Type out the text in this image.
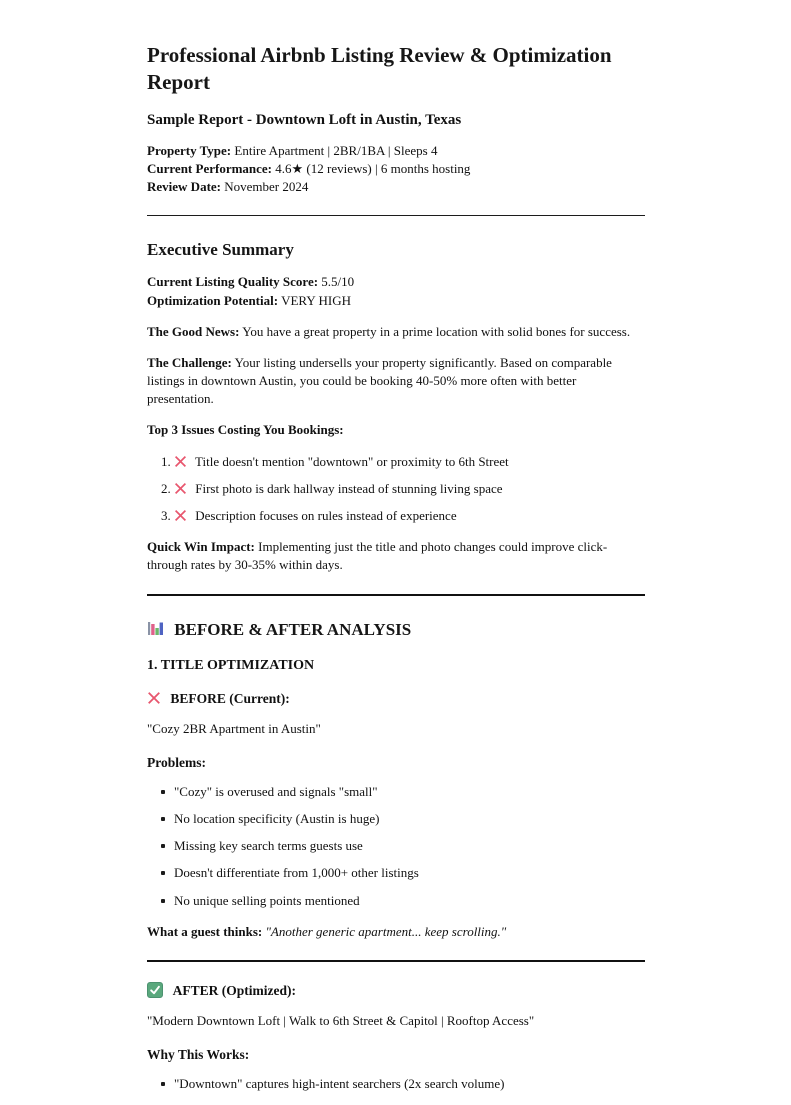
Professional Airbnb Listing Review & Optimization Report
Sample Report - Downtown Loft in Austin, Texas

Property Type: Entire Apartment | 2BR/1BA | Sleeps 4
Current Performance: 4.6★ (12 reviews) | 6 months hosting
Review Date: November 2024

Executive Summary

Current Listing Quality Score: 5.5/10
Optimization Potential: VERY HIGH

The Good News: You have a great property in a prime location with solid bones for success.

The Challenge: Your listing undersells your property significantly. Based on comparable listings in downtown Austin, you could be booking 40-50% more often with better presentation.

Top 3 Issues Costing You Bookings:

1. Title doesn't mention "downtown" or proximity to 6th Street
2. First photo is dark hallway instead of stunning living space
3. Description focuses on rules instead of experience

Quick Win Impact: Implementing just the title and photo changes could improve click-through rates by 30-35% within days.

BEFORE & AFTER ANALYSIS
1. TITLE OPTIMIZATION
BEFORE (Current):

"Cozy 2BR Apartment in Austin"

Problems:
"Cozy" is overused and signals "small"
No location specificity (Austin is huge)
Missing key search terms guests use
Doesn't differentiate from 1,000+ other listings
No unique selling points mentioned

What a guest thinks: "Another generic apartment... keep scrolling."

AFTER (Optimized):

"Modern Downtown Loft | Walk to 6th Street & Capitol | Rooftop Access"

Why This Works:
"Downtown" captures high-intent searchers (2x search volume)
